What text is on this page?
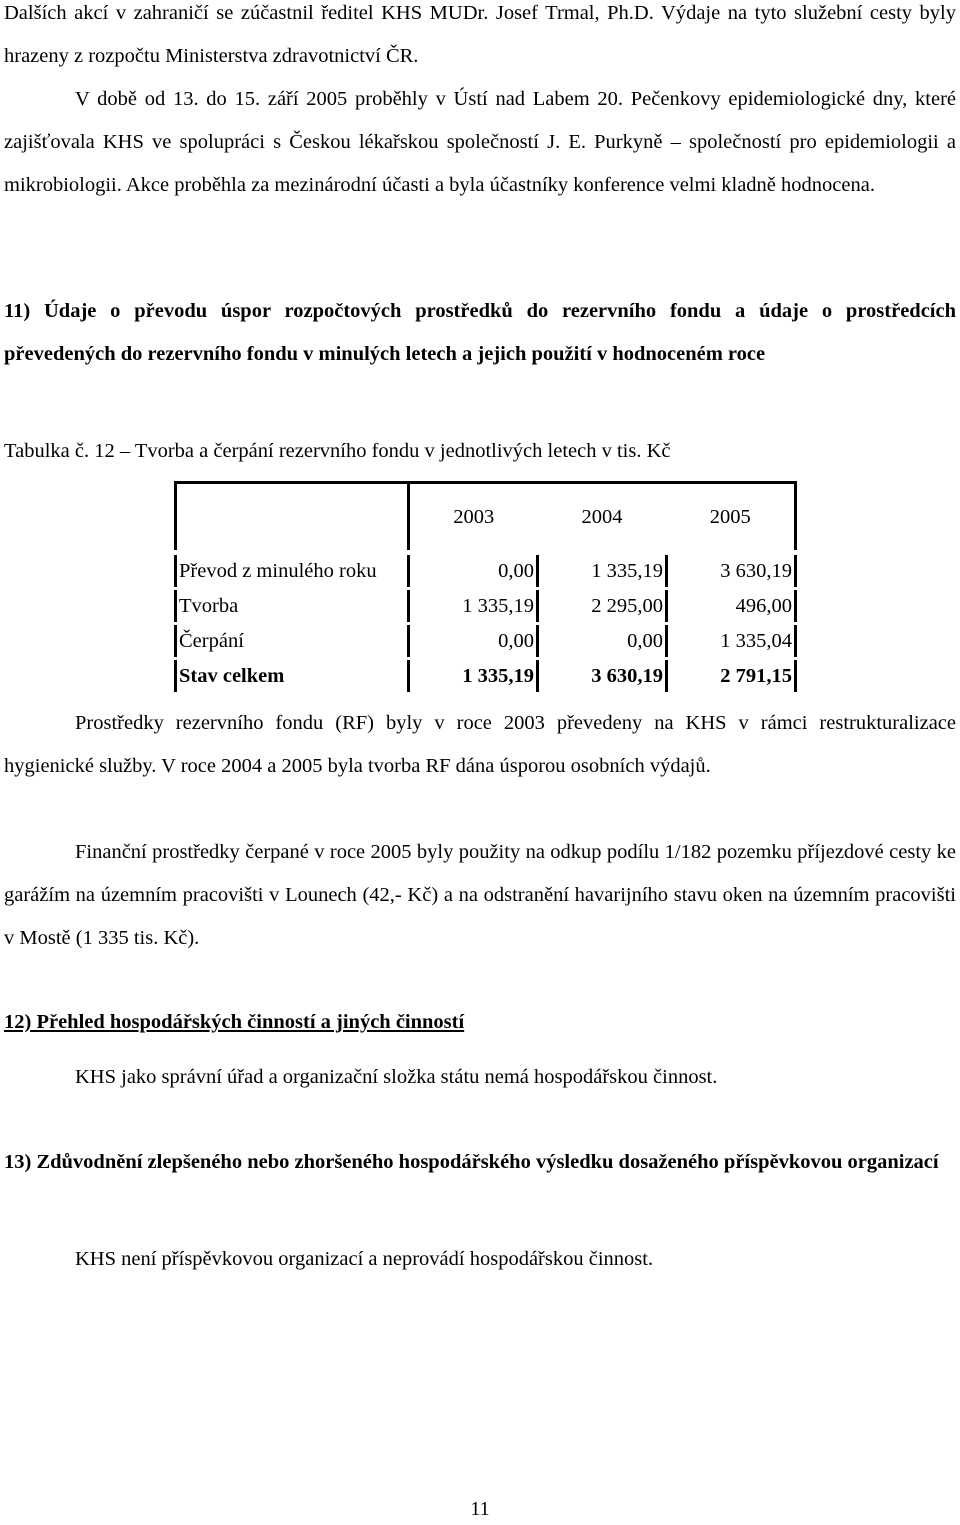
Dalších akcí v zahraničí se zúčastnil ředitel KHS MUDr. Josef Trmal, Ph.D. Výdaje na tyto služební cesty byly hrazeny z rozpočtu Ministerstva zdravotnictví ČR.

V době od 13. do 15. září 2005 proběhly v Ústí nad Labem 20. Pečenkovy epidemiologické dny, které zajišťovala KHS ve spolupráci s Českou lékařskou společností J. E. Purkyně – společností pro epidemiologii a mikrobiologii. Akce proběhla za mezinárodní účasti a byla účastníky konference velmi kladně hodnocena.

11) Údaje o převodu úspor rozpočtových prostředků do rezervního fondu a údaje o prostředcích převedených do rezervního fondu v minulých letech a jejich použití v hodnoceném roce

Tabulka č. 12 – Tvorba a čerpání rezervního fondu v jednotlivých letech v tis. Kč

	2003	2004	2005
Převod z minulého roku	0,00	1 335,19	3 630,19
Tvorba	1 335,19	2 295,00	496,00
Čerpání	0,00	0,00	1 335,04
Stav celkem	1 335,19	3 630,19	2 791,15

Prostředky rezervního fondu (RF) byly v roce 2003 převedeny na KHS v rámci restrukturalizace hygienické služby. V roce 2004 a 2005 byla tvorba RF dána úsporou osobních výdajů.

Finanční prostředky čerpané v roce 2005 byly použity na odkup podílu 1/182 pozemku příjezdové cesty ke garážím na územním pracovišti v Lounech (42,- Kč) a na odstranění havarijního stavu oken na územním pracovišti v Mostě (1 335 tis. Kč).

12) Přehled hospodářských činností a jiných činností

KHS jako správní úřad a organizační složka státu nemá hospodářskou činnost.

13) Zdůvodnění zlepšeného nebo zhoršeného hospodářského výsledku dosaženého příspěvkovou organizací

KHS není příspěvkovou organizací a neprovádí hospodářskou činnost.

11
